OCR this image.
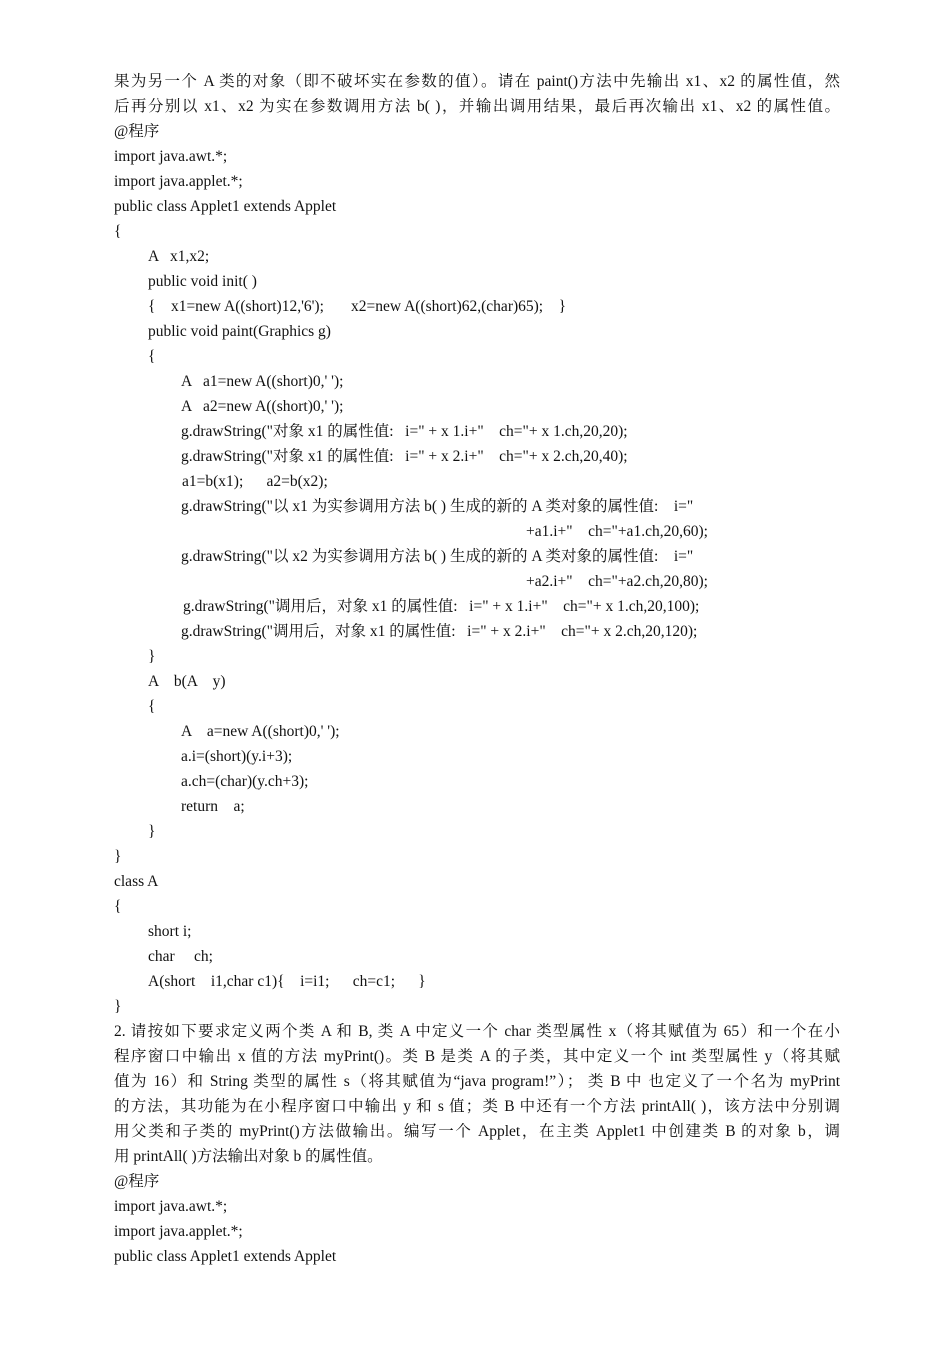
果为另一个 A 类的对象（即不破坏实在参数的值）。请在 paint()方法中先输出 x1、x2 的属性值，然
后再分别以 x1、x2 为实在参数调用方法 b( )，并输出调用结果，最后再次输出 x1、x2 的属性值。
@程序
import java.awt.*;
import java.applet.*;
public class Applet1 extends Applet
{
A   x1,x2;
public void init( )
{    x1=new A((short)12,'6');       x2=new A((short)62,(char)65);    }
public void paint(Graphics g)
{
A   a1=new A((short)0,' ');
A   a2=new A((short)0,' ');
g.drawString("对象 x1 的属性值:   i=" + x 1.i+"    ch="+ x 1.ch,20,20);
g.drawString("对象 x1 的属性值:   i=" + x 2.i+"    ch="+ x 2.ch,20,40);
a1=b(x1);      a2=b(x2);
g.drawString("以 x1 为实参调用方法 b( ) 生成的新的 A 类对象的属性值:    i="
+a1.i+"    ch="+a1.ch,20,60);
g.drawString("以 x2 为实参调用方法 b( ) 生成的新的 A 类对象的属性值:    i="
+a2.i+"    ch="+a2.ch,20,80);
g.drawString("调用后，对象 x1 的属性值:   i=" + x 1.i+"    ch="+ x 1.ch,20,100);
g.drawString("调用后，对象 x1 的属性值:   i=" + x 2.i+"    ch="+ x 2.ch,20,120);
}
A    b(A    y)
{
A    a=new A((short)0,' ');
a.i=(short)(y.i+3);
a.ch=(char)(y.ch+3);
return    a;
}
}
class A
{
short i;
char     ch;
A(short    i1,char c1){    i=i1;      ch=c1;      }
}
2. 请按如下要求定义两个类 A 和 B, 类 A 中定义一个 char 类型属性 x（将其赋值为 65）和一个在小
程序窗口中输出 x 值的方法 myPrint()。类 B 是类 A 的子类，其中定义一个 int 类型属性 y（将其赋
值为 16）和 String 类型的属性 s（将其赋值为“java program!”）； 类 B 中 也定义了一个名为 myPrint
的方法，其功能为在小程序窗口中输出 y 和 s 值；类 B 中还有一个方法 printAll( )，该方法中分别调
用父类和子类的 myPrint()方法做输出。编写一个 Applet，在主类 Applet1 中创建类 B 的对象 b，调
用 printAll( )方法输出对象 b 的属性值。
@程序
import java.awt.*;
import java.applet.*;
public class Applet1 extends Applet
